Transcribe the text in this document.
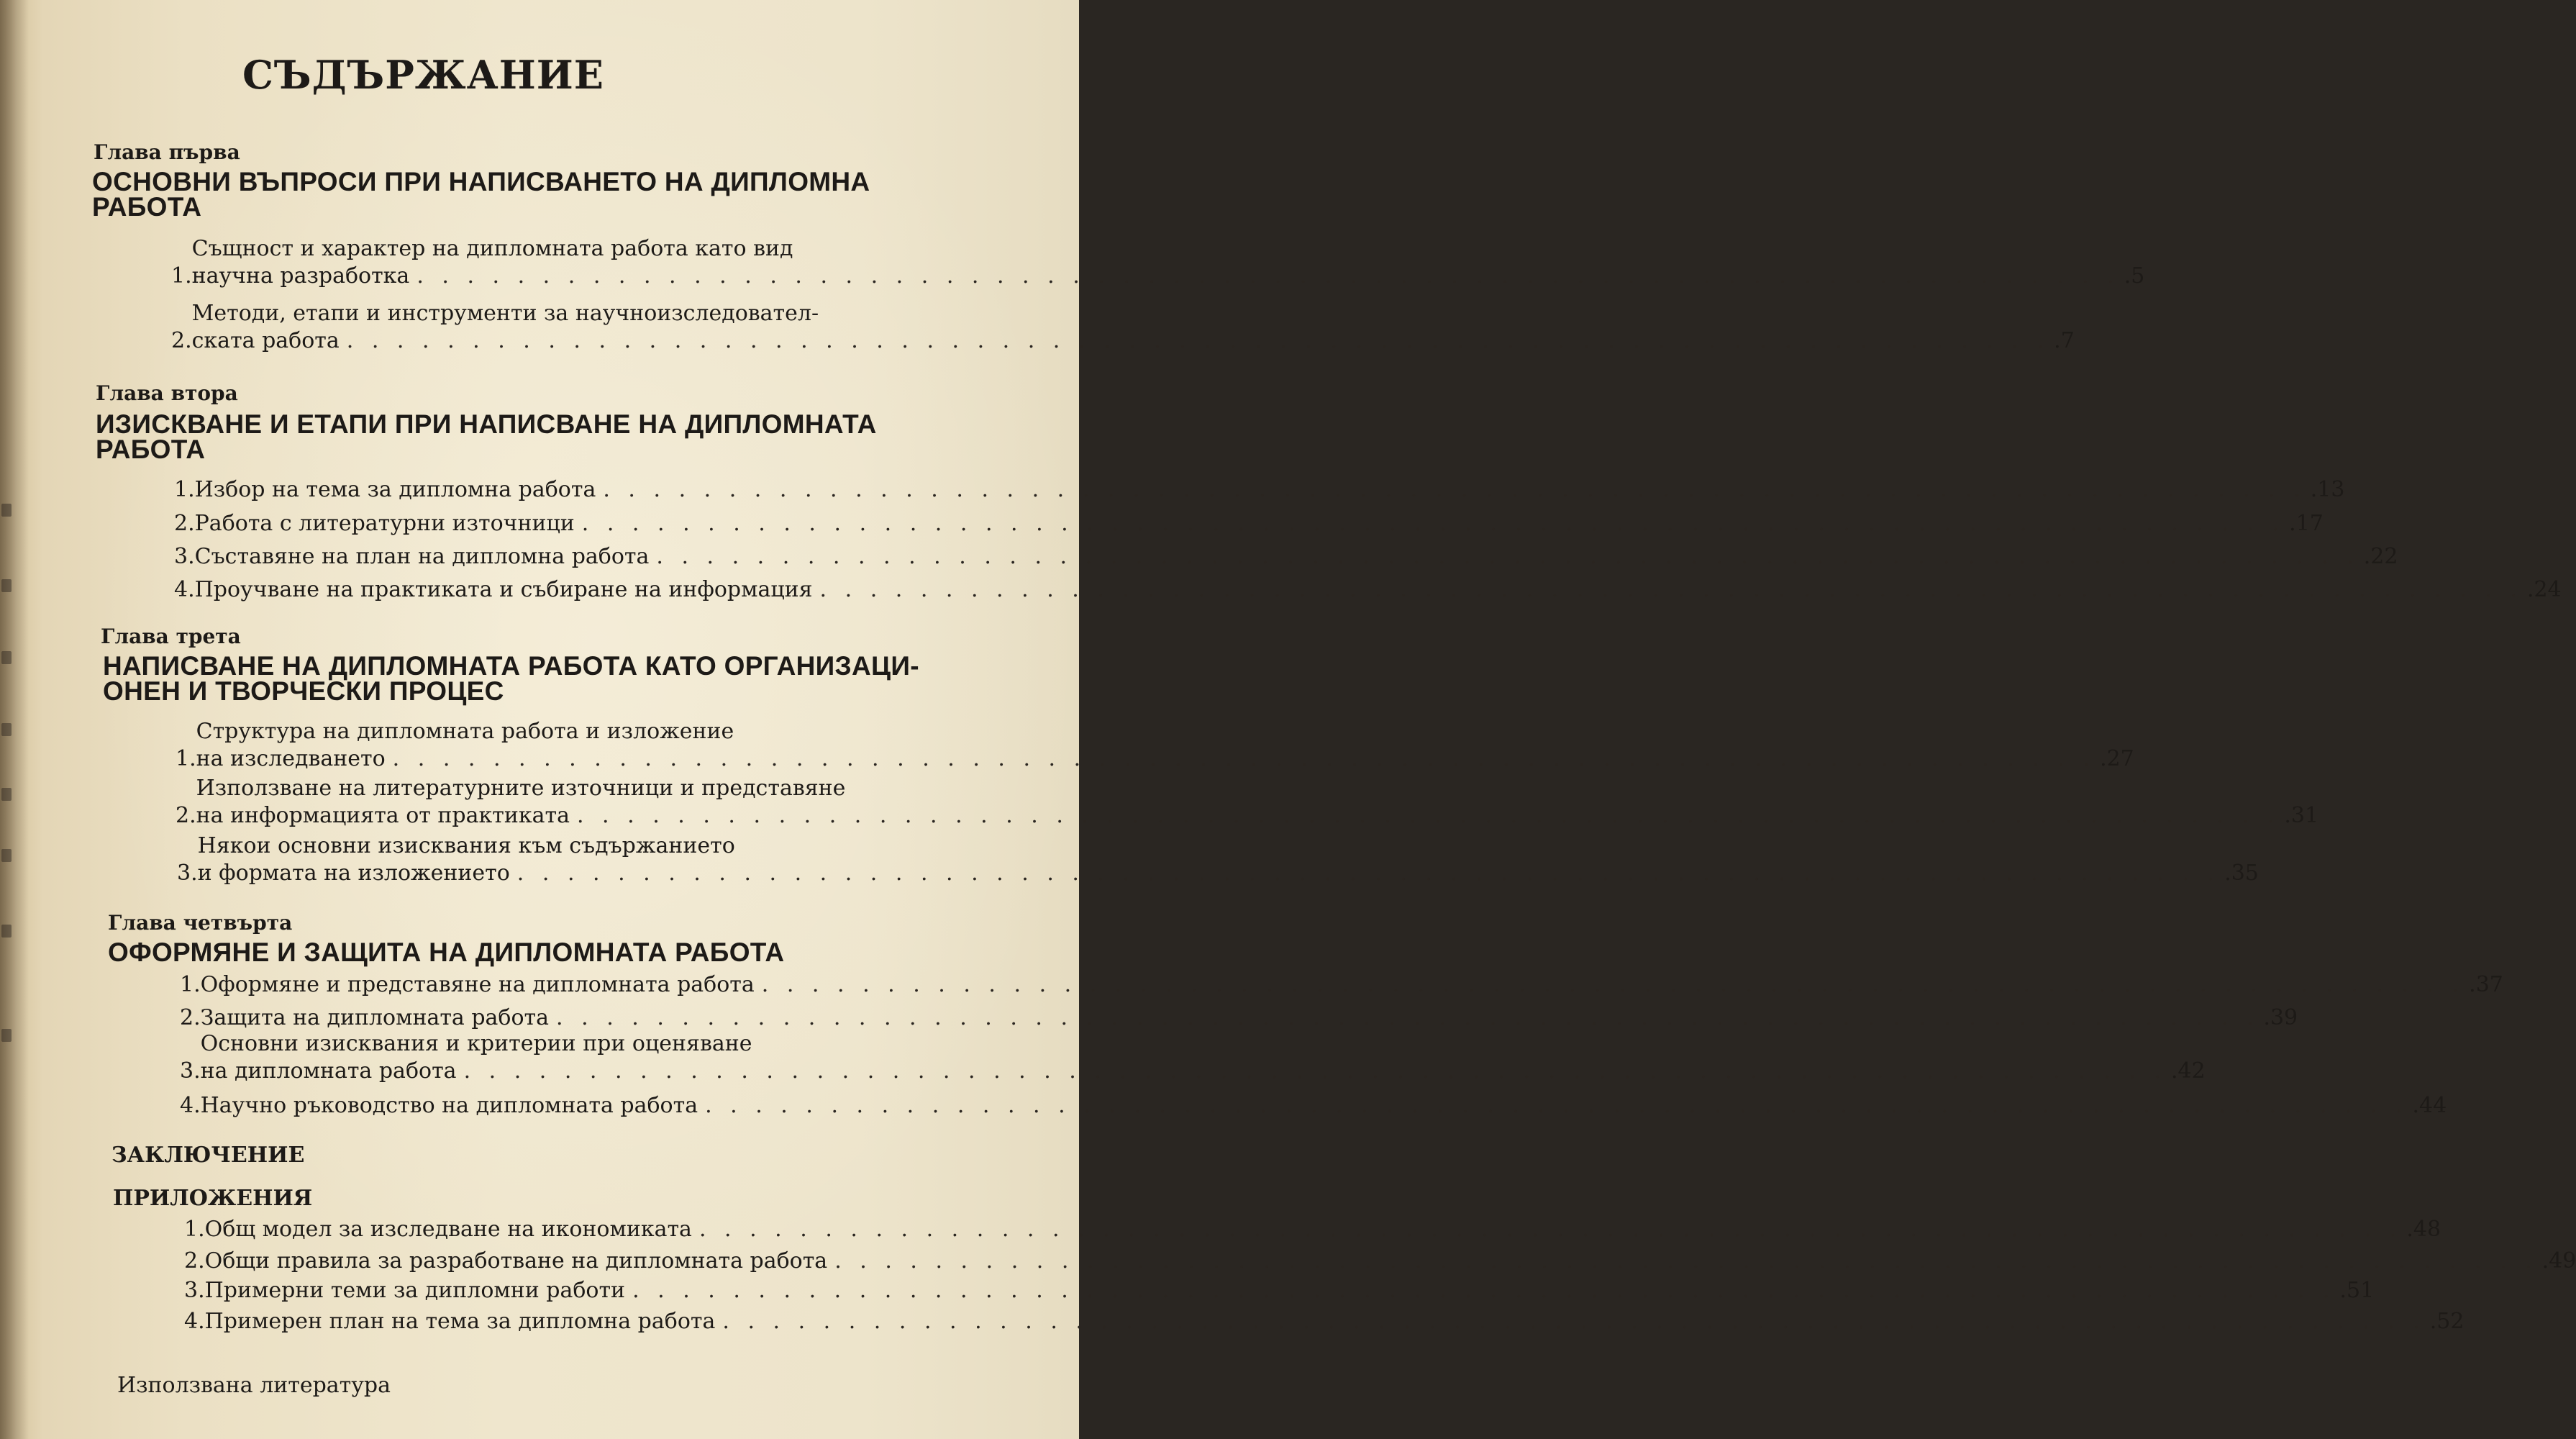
СЪДЪРЖАНИЕ
Глава първа
ОСНОВНИ ВЪПРОСИ ПРИ НАПИСВАНЕТО НА ДИПЛОМНА РАБОТА
1.
Същност и характер на дипломната работа като вид
научна разработка . . .	.5
2.
Методи, етапи и инструменти за научноизследовател-
ската работа . . .	.7
Глава втора
ИЗИСКВАНЕ И ЕТАПИ ПРИ НАПИСВАНЕ НА ДИПЛОМНАТА РАБОТА
1. Избор на тема за дипломна работа . . .	.13
2. Работа с литературни източници . . .	.17
3. Съставяне на план на дипломна работа . . .	.22
4. Проучване на практиката и събиране на информация . . .	.24
Глава трета
НАПИСВАНЕ НА ДИПЛОМНАТА РАБОТА КАТО ОРГАНИЗАЦИ-ОНЕН И ТВОРЧЕСКИ ПРОЦЕС
1.
Структура на дипломната работа и изложение
на изследването . . .	.27
2.
Използване на литературните източници и представяне
на информацията от практиката . . .	.31
3.
Някои основни изисквания към съдържанието
и формата на изложението . . .	.35
Глава четвърта
ОФОРМЯНЕ И ЗАЩИТА НА ДИПЛОМНАТА РАБОТА
1. Оформяне и представяне на дипломната работа . . .	.37
2. Защита на дипломната работа . . .	.39
3.
Основни изисквания и критерии при оценяване
на дипломната работа . . .	.42
4. Научно ръководство на дипломната работа . . .	.44
ЗАКЛЮЧЕНИЕ
ПРИЛОЖЕНИЯ
1. Общ модел за изследване на икономиката . . .	.48
2. Общи правила за разработване на дипломната работа . . .	.49
3. Примерни теми за дипломни работи . . .	.51
4. Примерен план на тема за дипломна работа . . .	.52
Използвана литература
